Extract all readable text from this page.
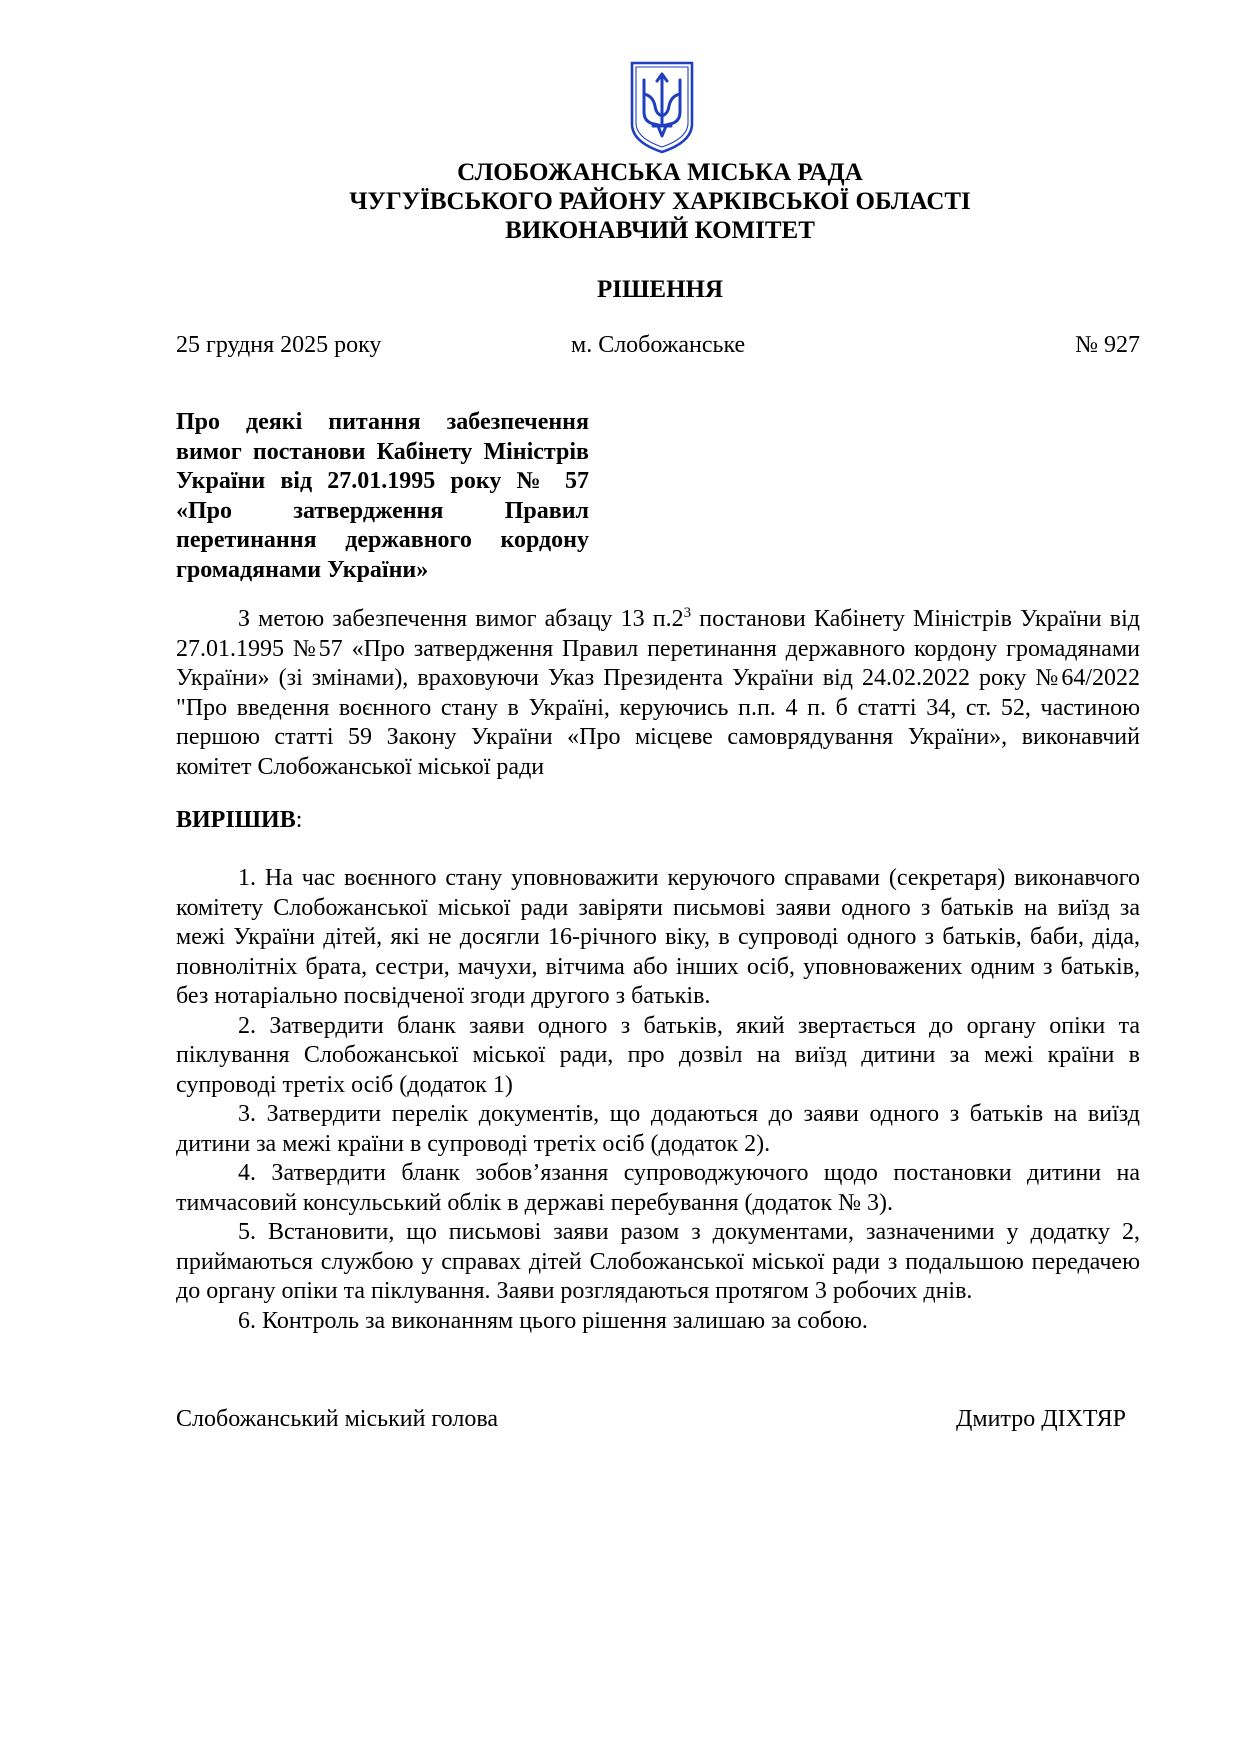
СЛОБОЖАНСЬКА МІСЬКА РАДА
ЧУГУЇВСЬКОГО РАЙОНУ ХАРКІВСЬКОЇ ОБЛАСТІ
ВИКОНАВЧИЙ КОМІТЕТ
РІШЕННЯ
25 грудня 2025 року	м. Слобожанське	№ 927
Про деякі питання забезпечення вимог постанови Кабінету Міністрів України від 27.01.1995 року № 57 «Про затвердження Правил перетинання державного кордону громадянами України»

З метою забезпечення вимог абзацу 13 $п.2^3$ постанови Кабінету Міністрів України від 27.01.1995 №57 «Про затвердження Правил перетинання державного кордону громадянами України» (зі змінами), враховуючи Указ Президента України від 24.02.2022 року №64/2022 "Про введення воєнного стану в Україні, керуючись п.п. 4 п. б статті 34, ст. 52, частиною першою статті 59 Закону України «Про місцеве самоврядування України», виконавчий комітет Слобожанської міської ради

ВИРІШИВ:

1. На час воєнного стану уповноважити керуючого справами (секретаря) виконавчого комітету Слобожанської міської ради завіряти письмові заяви одного з батьків на виїзд за межі України дітей, які не досягли 16-річного віку, в супроводі одного з батьків, баби, діда, повнолітніх брата, сестри, мачухи, вітчима або інших осіб, уповноважених одним з батьків, без нотаріально посвідченої згоди другого з батьків.

2. Затвердити бланк заяви одного з батьків, який звертається до органу опіки та піклування Слобожанської міської ради, про дозвіл на виїзд дитини за межі країни в супроводі третіх осіб (додаток 1)

3. Затвердити перелік документів, що додаються до заяви одного з батьків на виїзд дитини за межі країни в супроводі третіх осіб (додаток 2).

4. Затвердити бланк зобов’язання супроводжуючого щодо постановки дитини на тимчасовий консульський облік в державі перебування (додаток № 3).

5. Встановити, що письмові заяви разом з документами, зазначеними у додатку 2, приймаються службою у справах дітей Слобожанської міської ради з подальшою передачею до органу опіки та піклування. Заяви розглядаються протягом 3 робочих днів.

6. Контроль за виконанням цього рішення залишаю за собою.

Слобожанський міський голова	Дмитро ДІХТЯР
